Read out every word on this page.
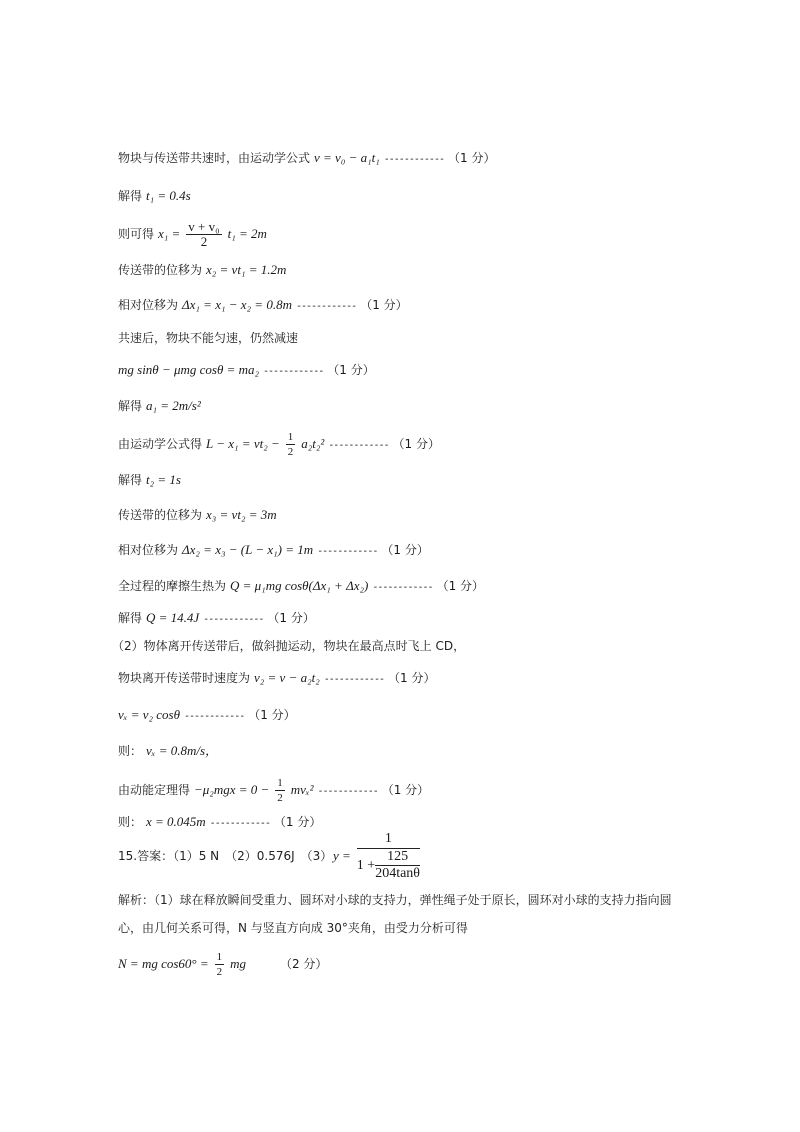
物块与传送带共速时，由运动学公式 v = v₀ − a₁t₁ ------------ （1 分）
解得 t₁ = 0.4s
则可得 $x_1 = \frac{\text{v + v₀}}{2} t_1 = 2m$
传送带的位移为 x₂ = vt₁ = 1.2m
相对位移为 Δx₁ = x₁ − x₂ = 0.8m ------------ （1 分）
共速后，物块不能匀速，仍然减速
mg sinθ − μmg cosθ = ma₂ ------------ （1 分）
解得 a₁ = 2m/s²
由运动学公式得 $L - x_1 = vt_2 - \frac{1}{2} a_2t_2^2$ ------------ （1 分）
解得 t₂ = 1s
传送带的位移为 x₃ = vt₂ = 3m
相对位移为 Δx₂ = x₃ − (L − x₁) = 1m ------------ （1 分）
全过程的摩擦生热为 Q = μ₁mg cosθ(Δx₁ + Δx₂) ------------ （1 分）
解得 Q = 14.4J ------------ （1 分）
（2）物体离开传送带后，做斜抛运动，物块在最高点时飞上 CD，
物块离开传送带时速度为 v₂ = v − a₂t₂ ------------ （1 分）
vₓ = v₂ cosθ ------------ （1 分）
则： vₓ = 0.8m/s，
由动能定理得 $-\mu_2mgx = 0 - \frac{1}{2} mv_x^2$ ------------ （1 分）
则： x = 0.045m ------------ （1 分）
15.答案：（1）5 N　（2）0.576J　（3） $y = \frac{1}{1 + \frac{125}{204\tan\theta}}$
解析：（1）球在释放瞬间受重力、圆环对小球的支持力，弹性绳子处于原长，圆环对小球的支持力指向圆
心，由几何关系可得，N 与竖直方向成 30°夹角，由受力分析可得
N = mg $\cos 60^\circ = \frac{1}{2}$ mg	（2 分）
